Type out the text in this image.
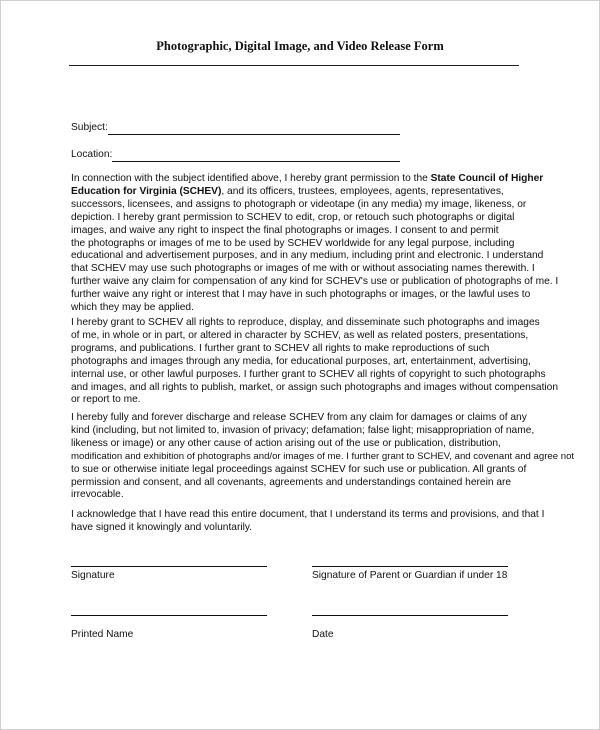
Photographic, Digital Image, and Video Release Form
Subject:
Location:
In connection with the subject identified above, I hereby grant permission to the State Council of Higher
Education for Virginia (SCHEV), and its officers, trustees, employees, agents, representatives,
successors, licensees, and assigns to photograph or videotape (in any media) my image, likeness, or
depiction. I hereby grant permission to SCHEV to edit, crop, or retouch such photographs or digital
images, and waive any right to inspect the final photographs or images. I consent to and permit
the photographs or images of me to be used by SCHEV worldwide for any legal purpose, including
educational and advertisement purposes, and in any medium, including print and electronic. I understand
that SCHEV may use such photographs or images of me with or without associating names therewith. I
further waive any claim for compensation of any kind for SCHEV's use or publication of photographs of me. I
further waive any right or interest that I may have in such photographs or images, or the lawful uses to
which they may be applied.
I hereby grant to SCHEV all rights to reproduce, display, and disseminate such photographs and images
of me, in whole or in part, or altered in character by SCHEV, as well as related posters, presentations,
programs, and publications. I further grant to SCHEV all rights to make reproductions of such
photographs and images through any media, for educational purposes, art, entertainment, advertising,
internal use, or other lawful purposes. I further grant to SCHEV all rights of copyright to such photographs
and images, and all rights to publish, market, or assign such photographs and images without compensation
or report to me.
I hereby fully and forever discharge and release SCHEV from any claim for damages or claims of any
kind (including, but not limited to, invasion of privacy; defamation; false light; misappropriation of name,
likeness or image) or any other cause of action arising out of the use or publication, distribution,
modification and exhibition of photographs and/or images of me. I further grant to SCHEV, and covenant and agree not
to sue or otherwise initiate legal proceedings against SCHEV for such use or publication. All grants of
permission and consent, and all covenants, agreements and understandings contained herein are
irrevocable.
I acknowledge that I have read this entire document, that I understand its terms and provisions, and that I
have signed it knowingly and voluntarily.
Signature	Signature of Parent or Guardian if under 18
Printed Name	Date
